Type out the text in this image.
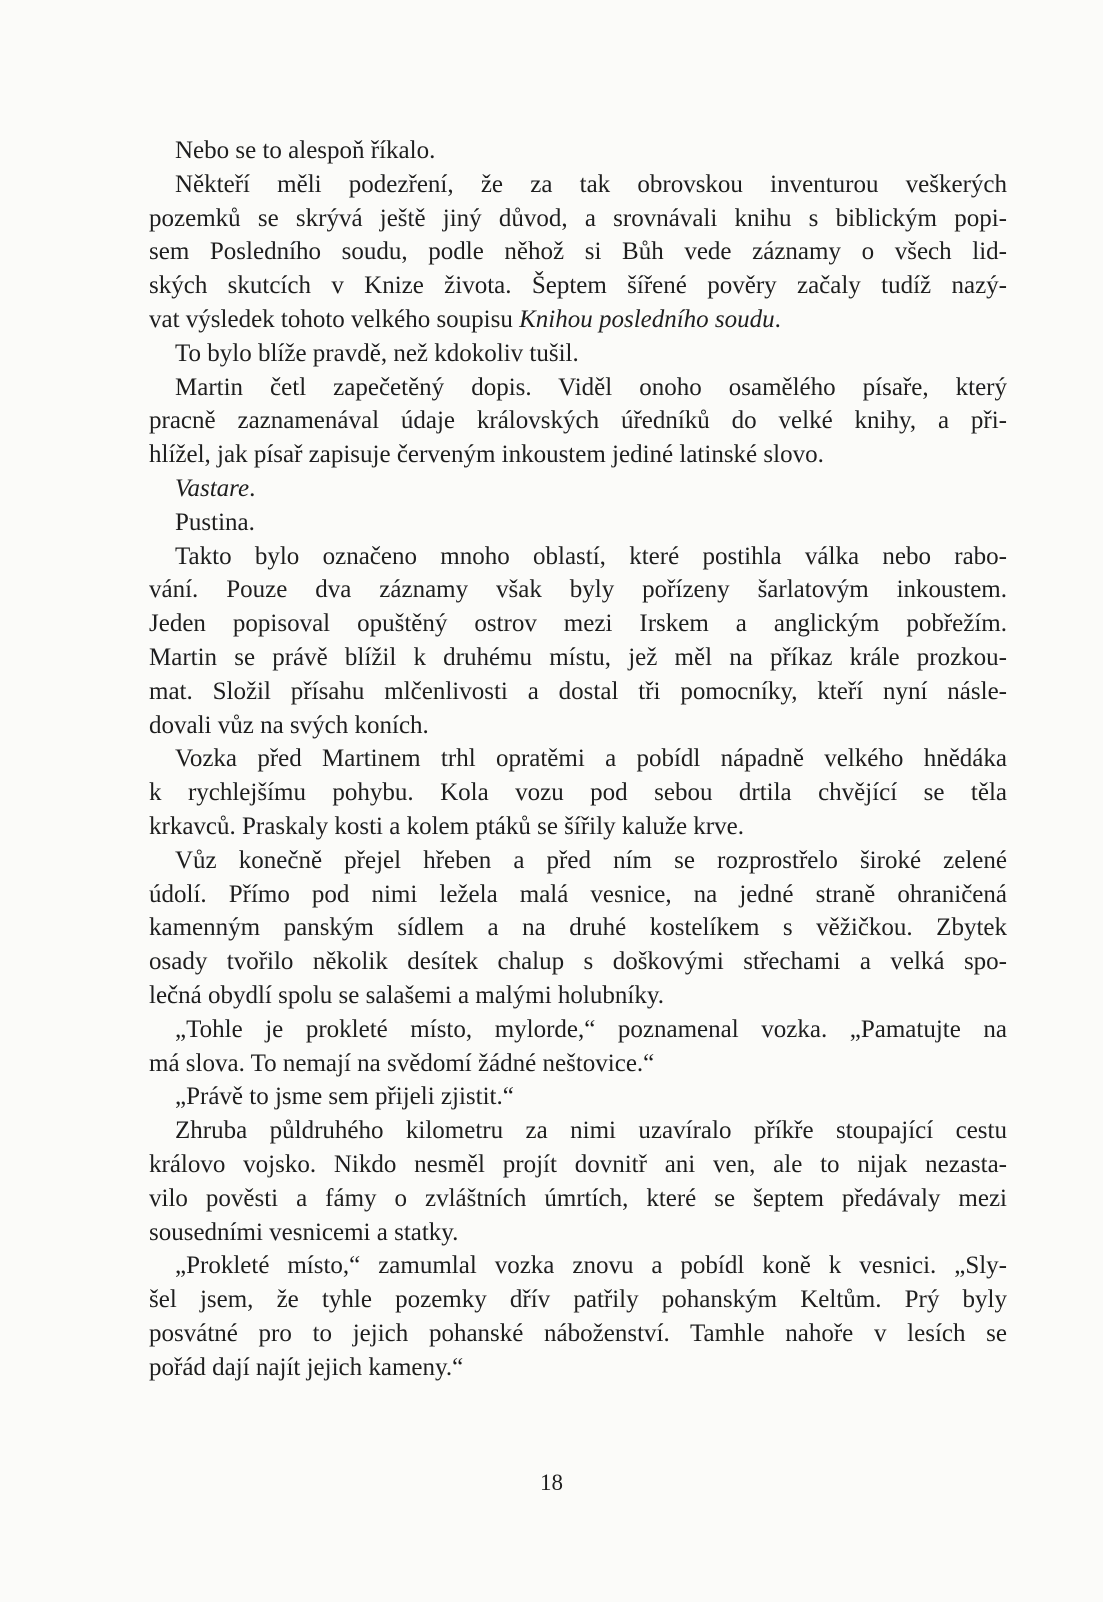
Nebo se to alespoň říkalo.
Někteří měli podezření, že za tak obrovskou inventurou veškerých
pozemků se skrývá ještě jiný důvod, a srovnávali knihu s biblickým popi-
sem Posledního soudu, podle něhož si Bůh vede záznamy o všech lid-
ských skutcích v Knize života. Šeptem šířené pověry začaly tudíž nazý-
vat výsledek tohoto velkého soupisu Knihou posledního soudu.
To bylo blíže pravdě, než kdokoliv tušil.
Martin četl zapečetěný dopis. Viděl onoho osamělého písaře, který
pracně zaznamenával údaje královských úředníků do velké knihy, a při-
hlížel, jak písař zapisuje červeným inkoustem jediné latinské slovo.
Vastare.
Pustina.
Takto bylo označeno mnoho oblastí, které postihla válka nebo rabo-
vání. Pouze dva záznamy však byly pořízeny šarlatovým inkoustem.
Jeden popisoval opuštěný ostrov mezi Irskem a anglickým pobřežím.
Martin se právě blížil k druhému místu, jež měl na příkaz krále prozkou-
mat. Složil přísahu mlčenlivosti a dostal tři pomocníky, kteří nyní násle-
dovali vůz na svých koních.
Vozka před Martinem trhl opratěmi a pobídl nápadně velkého hnědáka
k rychlejšímu pohybu. Kola vozu pod sebou drtila chvějící se těla
krkavců. Praskaly kosti a kolem ptáků se šířily kaluže krve.
Vůz konečně přejel hřeben a před ním se rozprostřelo široké zelené
údolí. Přímo pod nimi ležela malá vesnice, na jedné straně ohraničená
kamenným panským sídlem a na druhé kostelíkem s věžičkou. Zbytek
osady tvořilo několik desítek chalup s doškovými střechami a velká spo-
lečná obydlí spolu se salašemi a malými holubníky.
„Tohle je prokleté místo, mylorde,“ poznamenal vozka. „Pamatujte na
má slova. To nemají na svědomí žádné neštovice.“
„Právě to jsme sem přijeli zjistit.“
Zhruba půldruhého kilometru za nimi uzavíralo příkře stoupající cestu
královo vojsko. Nikdo nesměl projít dovnitř ani ven, ale to nijak nezasta-
vilo pověsti a fámy o zvláštních úmrtích, které se šeptem předávaly mezi
sousedními vesnicemi a statky.
„Prokleté místo,“ zamumlal vozka znovu a pobídl koně k vesnici. „Sly-
šel jsem, že tyhle pozemky dřív patřily pohanským Keltům. Prý byly
posvátné pro to jejich pohanské náboženství. Tamhle nahoře v lesích se
pořád dají najít jejich kameny.“
18
